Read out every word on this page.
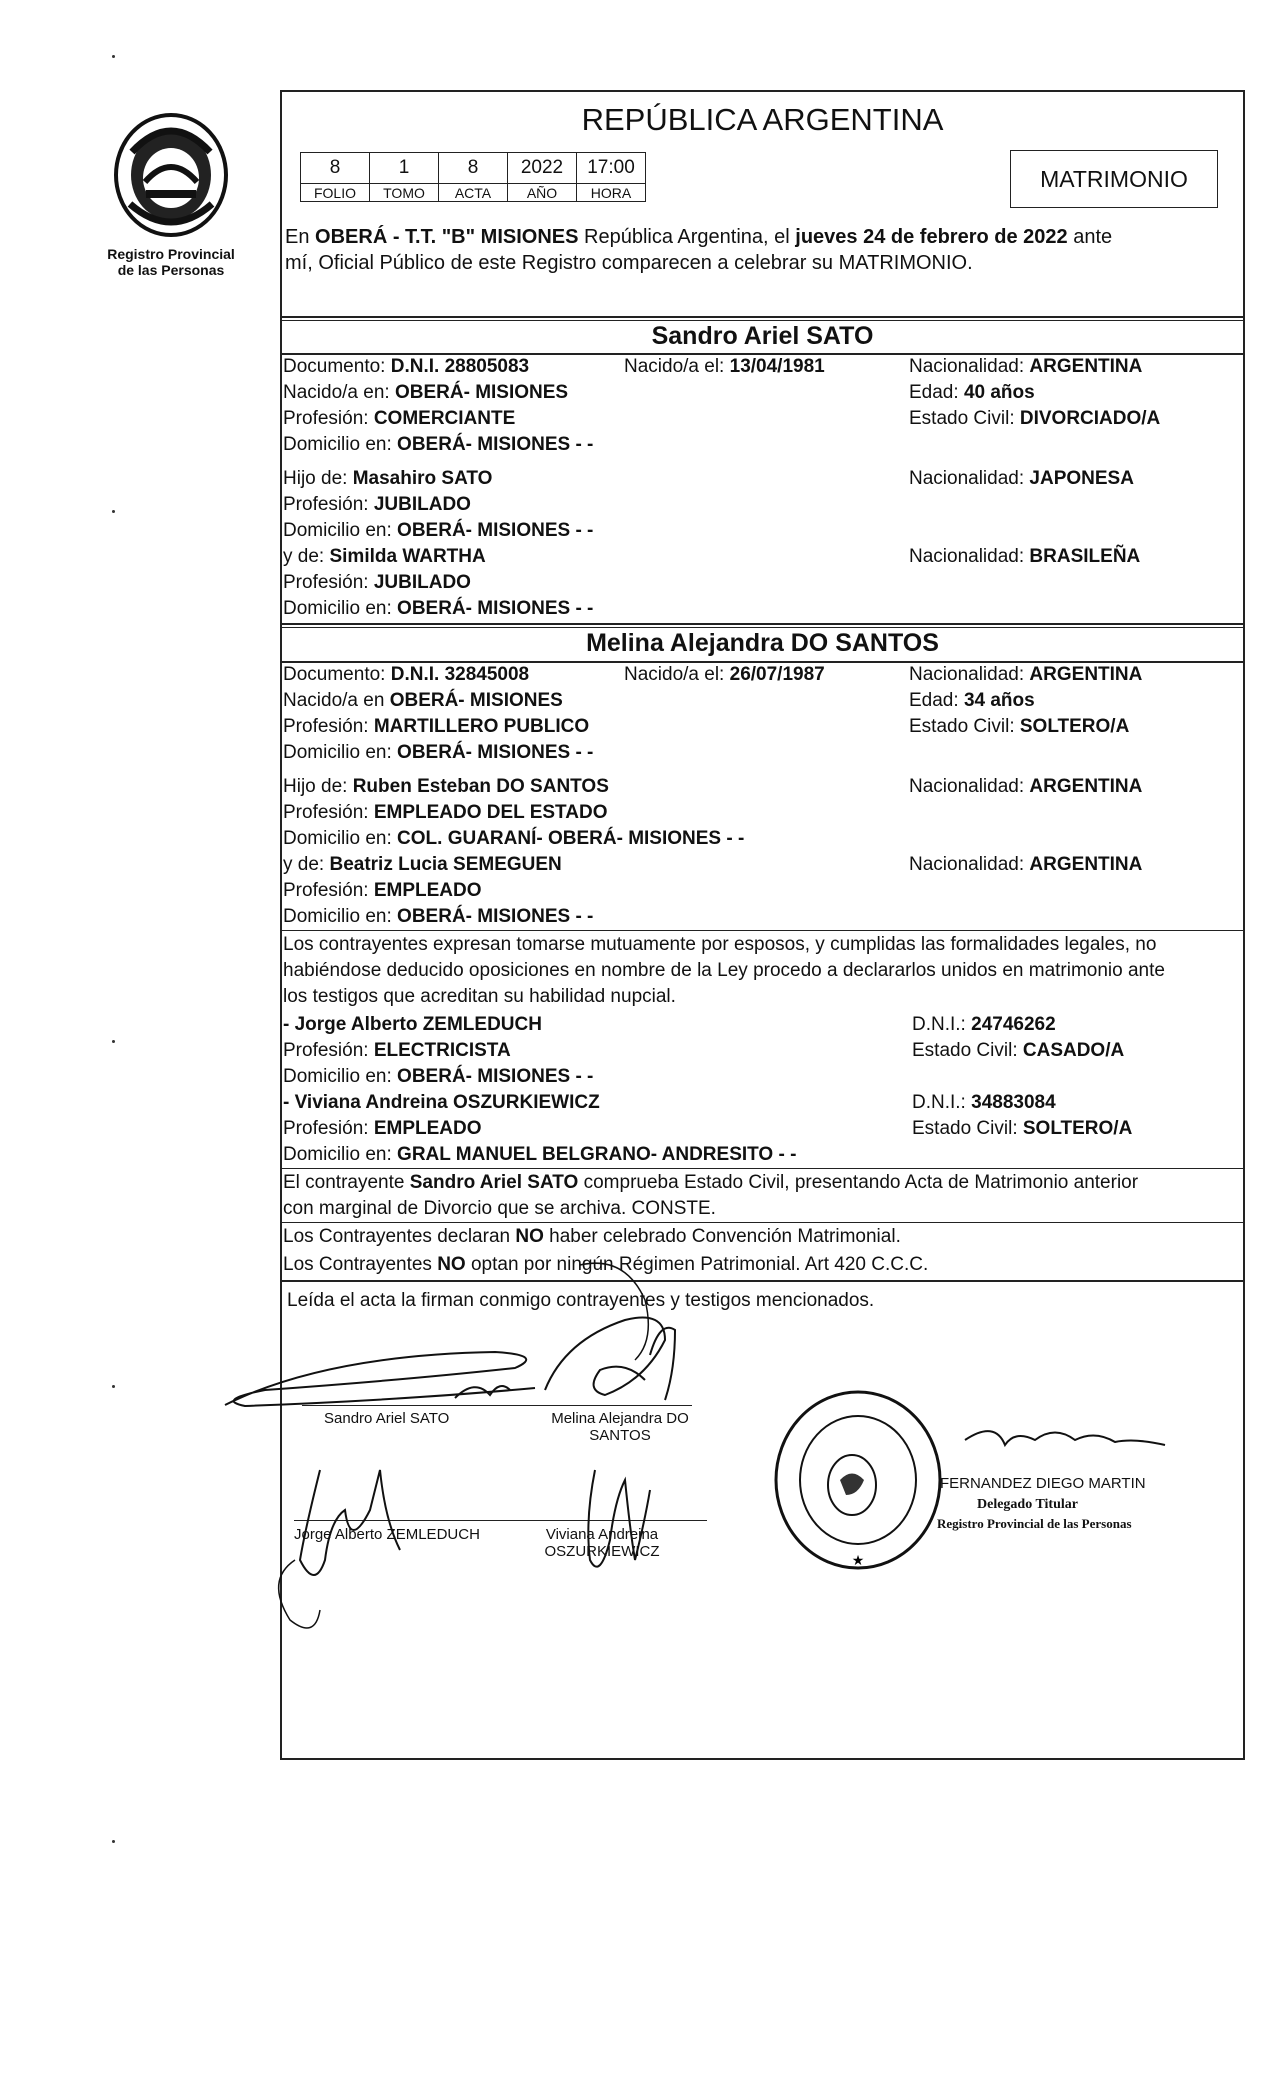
Registro Provincial
de las Personas
REPÚBLICA ARGENTINA
En OBERÁ - T.T. "B" MISIONES República Argentina, el jueves 24 de febrero de 2022 ante
mí, Oficial Público de este Registro comparecen a celebrar su MATRIMONIO.
Sandro Ariel SATO
Documento: D.N.I. 28805083	Nacido/a el: 13/04/1981	Nacionalidad: ARGENTINA
Nacido/a en: OBERÁ- MISIONES	Edad: 40 años
Profesión: COMERCIANTE	Estado Civil: DIVORCIADO/A
Domicilio en: OBERÁ- MISIONES - -
Hijo de: Masahiro SATO	Nacionalidad: JAPONESA
Profesión: JUBILADO
Domicilio en: OBERÁ- MISIONES - -
y de: Similda WARTHA	Nacionalidad: BRASILEÑA
Profesión: JUBILADO
Domicilio en: OBERÁ- MISIONES - -
Melina Alejandra DO SANTOS
Documento: D.N.I. 32845008	Nacido/a el: 26/07/1987	Nacionalidad: ARGENTINA
Nacido/a en OBERÁ- MISIONES	Edad: 34 años
Profesión: MARTILLERO PUBLICO	Estado Civil: SOLTERO/A
Domicilio en: OBERÁ- MISIONES - -
Hijo de: Ruben Esteban DO SANTOS	Nacionalidad: ARGENTINA
Profesión: EMPLEADO DEL ESTADO
Domicilio en: COL. GUARANÍ- OBERÁ- MISIONES - -
y de: Beatriz Lucia SEMEGUEN	Nacionalidad: ARGENTINA
Profesión: EMPLEADO
Domicilio en: OBERÁ- MISIONES - -
Los contrayentes expresan tomarse mutuamente por esposos, y cumplidas las formalidades legales, no
habiéndose deducido oposiciones en nombre de la Ley procedo a declararlos unidos en matrimonio ante
los testigos que acreditan su habilidad nupcial.
- Jorge Alberto ZEMLEDUCH	D.N.I.: 24746262
Profesión: ELECTRICISTA	Estado Civil: CASADO/A
Domicilio en: OBERÁ- MISIONES - -
- Viviana Andreina OSZURKIEWICZ	D.N.I.: 34883084
Profesión: EMPLEADO	Estado Civil: SOLTERO/A
Domicilio en: GRAL MANUEL BELGRANO- ANDRESITO - -
El contrayente Sandro Ariel SATO comprueba Estado Civil, presentando Acta de Matrimonio anterior
con marginal de Divorcio que se archiva. CONSTE.
Los Contrayentes declaran NO haber celebrado Convención Matrimonial.
Los Contrayentes NO optan por ningún Régimen Patrimonial. Art 420 C.C.C.
Leída el acta la firman conmigo contrayentes y testigos mencionados.
Sandro Ariel SATO	Melina Alejandra DO
SANTOS
Jorge Alberto ZEMLEDUCH	Viviana Andreina
OSZURKIEWICZ
FERNANDEZ DIEGO MARTIN
Delegado Titular
Registro Provincial de las Personas
8	1	8	2022	17:00
FOLIO	TOMO	ACTA	AÑO	HORA
MATRIMONIO
★
